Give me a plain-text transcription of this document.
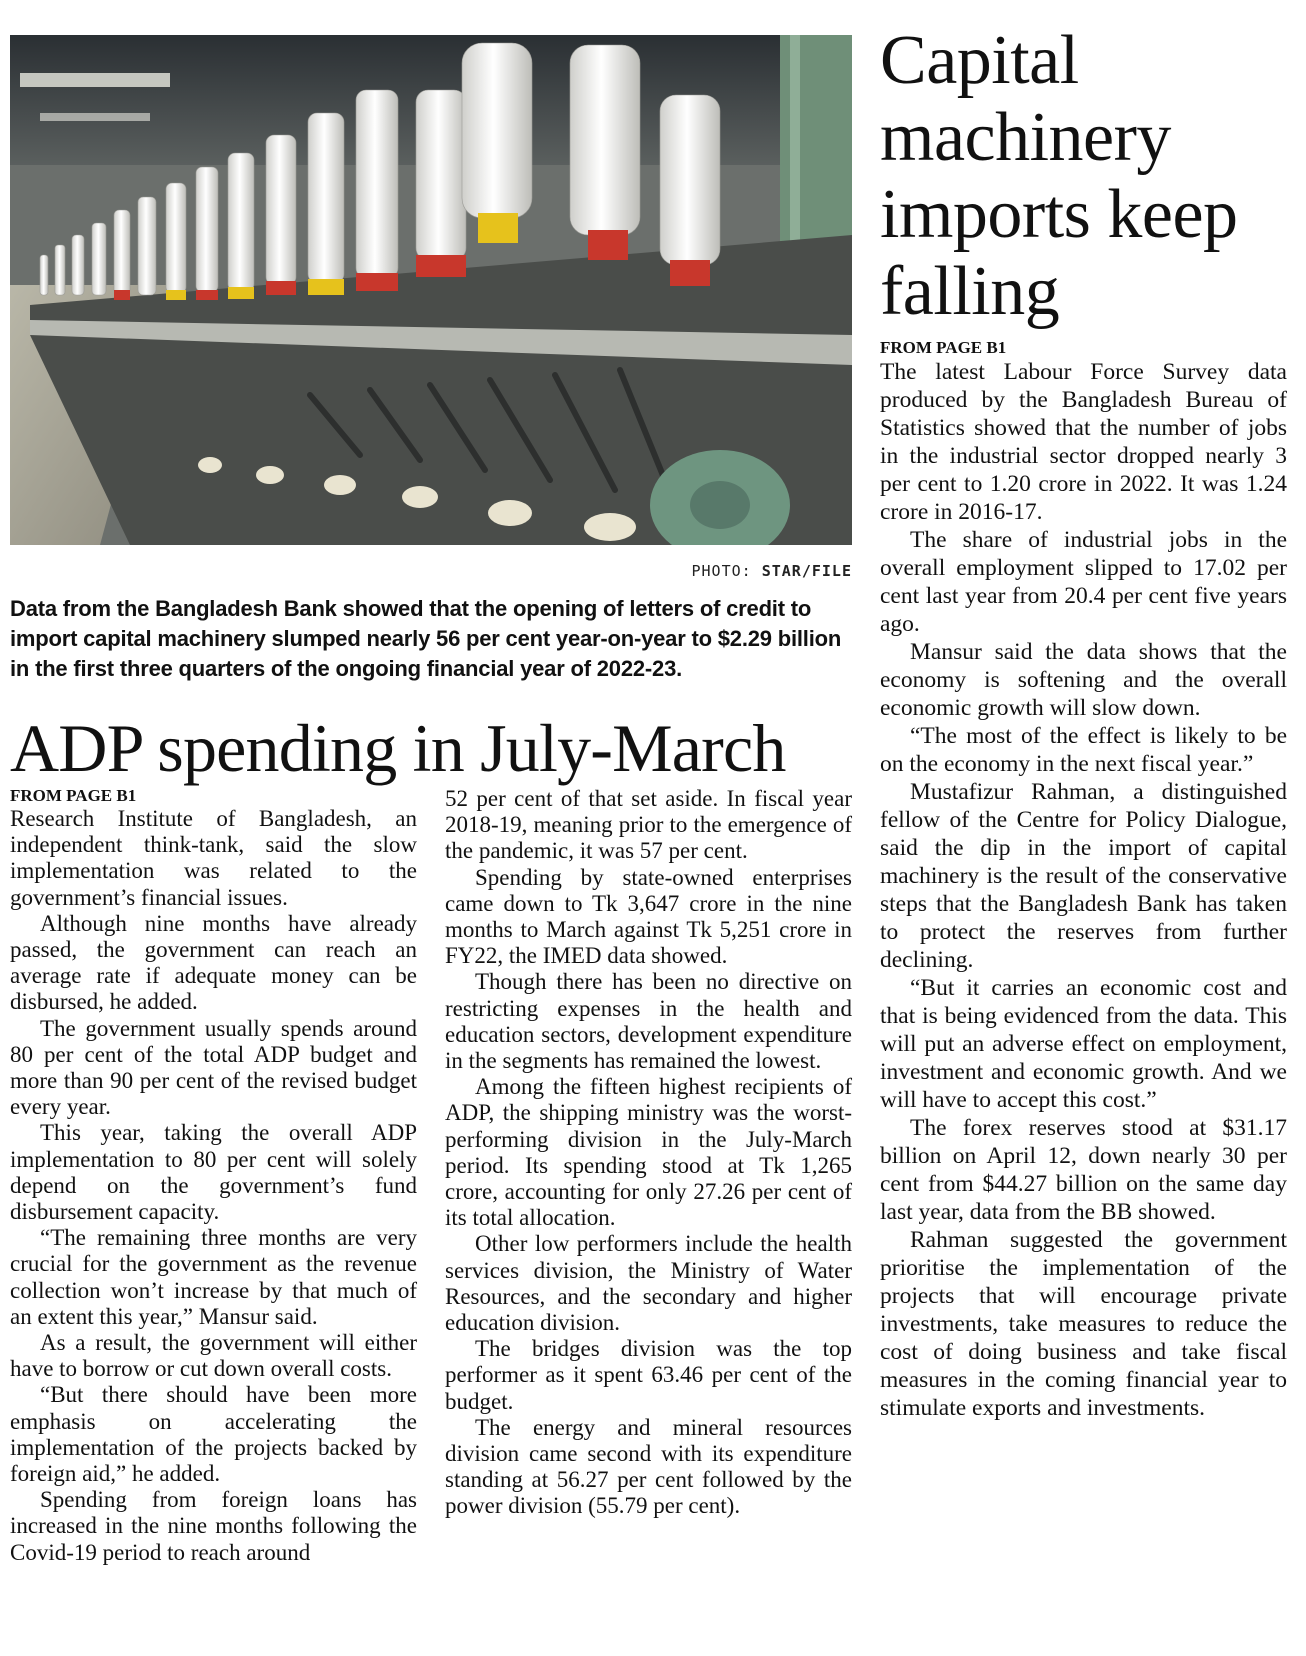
PHOTO: STAR/FILE
Data from the Bangladesh Bank showed that the opening of letters of credit to import capital machinery slumped nearly 56 per cent year-on-year to $2.29 billion in the first three quarters of the ongoing financial year of 2022-23.
Capital machinery imports keep falling
FROM PAGE B1

The latest Labour Force Survey data produced by the Bangladesh Bureau of Statistics showed that the number of jobs in the industrial sector dropped nearly 3 per cent to 1.20 crore in 2022. It was 1.24 crore in 2016-17.

The share of industrial jobs in the overall employment slipped to 17.02 per cent last year from 20.4 per cent five years ago.

Mansur said the data shows that the economy is softening and the overall economic growth will slow down.

“The most of the effect is likely to be on the economy in the next fiscal year.”

Mustafizur Rahman, a distinguished fellow of the Centre for Policy Dialogue, said the dip in the import of capital machinery is the result of the conservative steps that the Bangladesh Bank has taken to protect the reserves from further declining.

“But it carries an economic cost and that is being evidenced from the data. This will put an adverse effect on employment, investment and economic growth. And we will have to accept this cost.”

The forex reserves stood at $31.17 billion on April 12, down nearly 30 per cent from $44.27 billion on the same day last year, data from the BB showed.

Rahman suggested the government prioritise the implementation of the projects that will encourage private investments, take measures to reduce the cost of doing business and take fiscal measures in the coming financial year to stimulate exports and investments.

ADP spending in July-March
FROM PAGE B1

Research Institute of Bangladesh, an independent think-tank, said the slow implementation was related to the government’s financial issues.

Although nine months have already passed, the government can reach an average rate if adequate money can be disbursed, he added.

The government usually spends around 80 per cent of the total ADP budget and more than 90 per cent of the revised budget every year.

This year, taking the overall ADP implementation to 80 per cent will solely depend on the government’s fund disbursement capacity.

“The remaining three months are very crucial for the government as the revenue collection won’t increase by that much of an extent this year,” Mansur said.

As a result, the government will either have to borrow or cut down overall costs.

“But there should have been more emphasis on accelerating the implementation of the projects backed by foreign aid,” he added.

Spending from foreign loans has increased in the nine months following the Covid-19 period to reach around

52 per cent of that set aside. In fiscal year 2018-19, meaning prior to the emergence of the pandemic, it was 57 per cent.

Spending by state-owned enterprises came down to Tk 3,647 crore in the nine months to March against Tk 5,251 crore in FY22, the IMED data showed.

Though there has been no directive on restricting expenses in the health and education sectors, development expenditure in the segments has remained the lowest.

Among the fifteen highest recipients of ADP, the shipping ministry was the worst-performing division in the July-March period. Its spending stood at Tk 1,265 crore, accounting for only 27.26 per cent of its total allocation.

Other low performers include the health services division, the Ministry of Water Resources, and the secondary and higher education division.

The bridges division was the top performer as it spent 63.46 per cent of the budget.

The energy and mineral resources division came second with its expenditure standing at 56.27 per cent followed by the power division (55.79 per cent).
